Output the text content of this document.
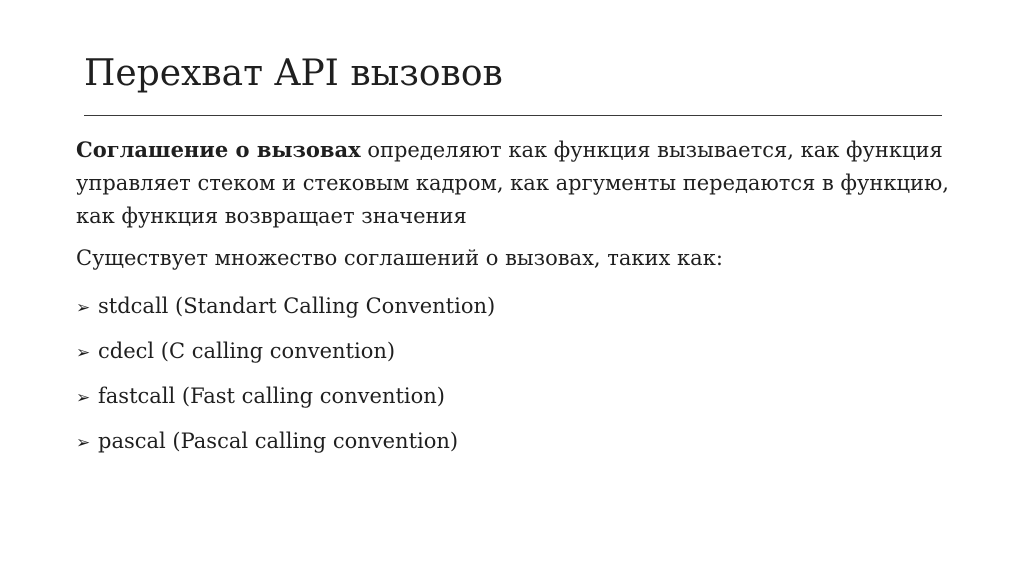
Перехват API вызовов

Соглашение о вызовах определяют как функция вызывается, как функция управляет стеком и стековым кадром, как аргументы передаются в функцию, как функция возвращает значения

Существует множество соглашений о вызовах, таких как:

➢ stdcall (Standart Calling Convention)
➢ cdecl (C calling convention)
➢ fastcall (Fast calling convention)
➢ pascal (Pascal calling convention)
